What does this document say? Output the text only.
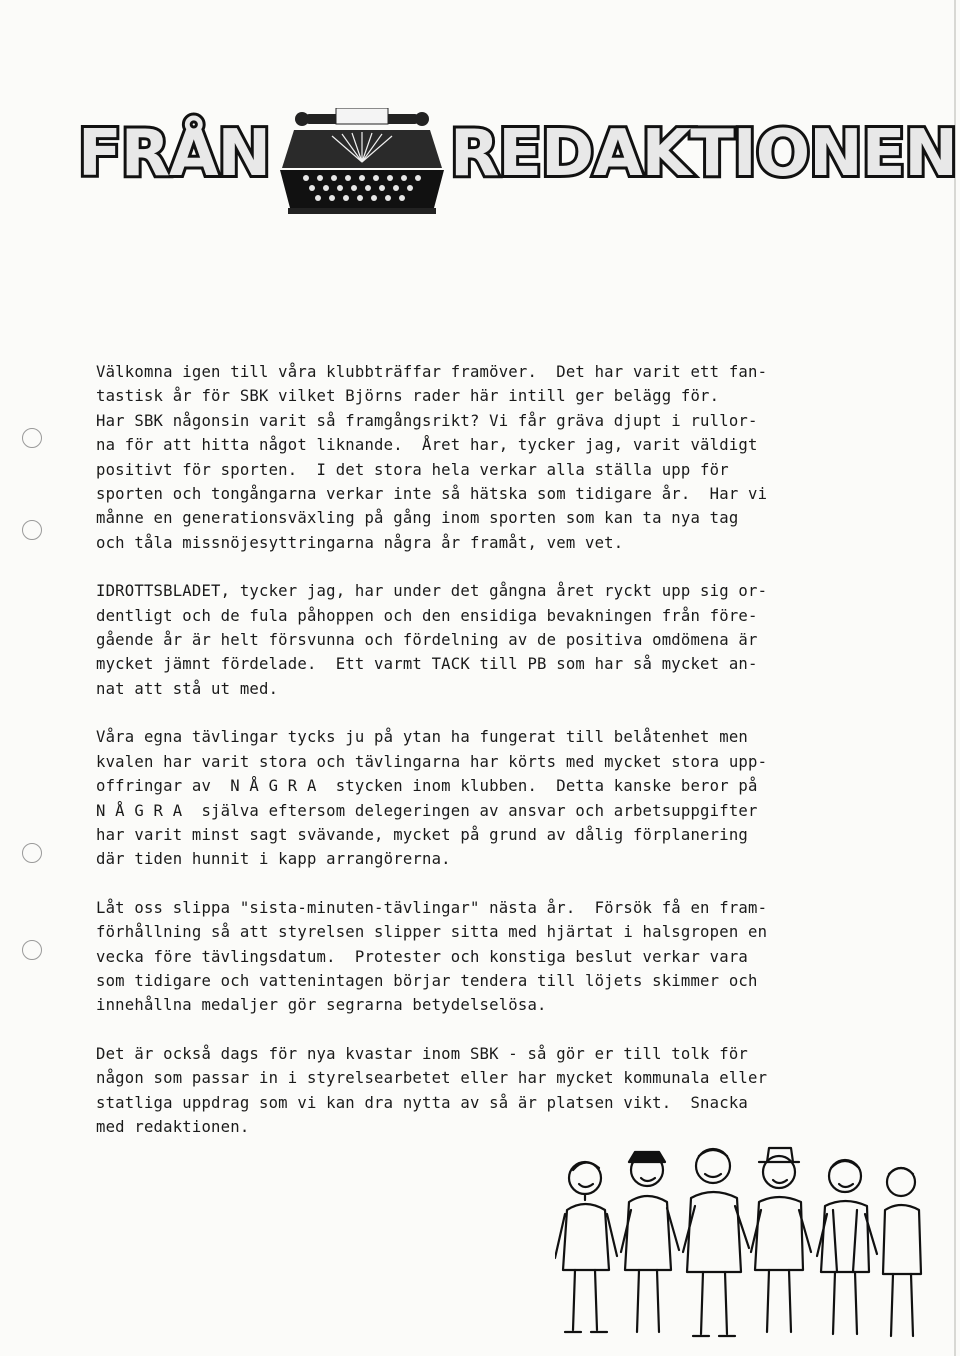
FRÅN	REDAKTIONEN

Välkomna igen till våra klubbträffar framöver.  Det har varit ett fan-
tastisk år för SBK vilket Björns rader här intill ger belägg för.
Har SBK någonsin varit så framgångsrikt? Vi får gräva djupt i rullor-
na för att hitta något liknande.  Året har, tycker jag, varit väldigt
positivt för sporten.  I det stora hela verkar alla ställa upp för
sporten och tongångarna verkar inte så hätska som tidigare år.  Har vi
månne en generationsväxling på gång inom sporten som kan ta nya tag
och tåla missnöjesyttringarna några år framåt, vem vet.

IDROTTSBLADET, tycker jag, har under det gångna året ryckt upp sig or-
dentligt och de fula påhoppen och den ensidiga bevakningen från före-
gående år är helt försvunna och fördelning av de positiva omdömena är
mycket jämnt fördelade.  Ett varmt TACK till PB som har så mycket an-
nat att stå ut med.

Våra egna tävlingar tycks ju på ytan ha fungerat till belåtenhet men
kvalen har varit stora och tävlingarna har körts med mycket stora upp-
offringar av  N Å G R A  stycken inom klubben.  Detta kanske beror på
N Å G R A  själva eftersom delegeringen av ansvar och arbetsuppgifter
har varit minst sagt svävande, mycket på grund av dålig förplanering
där tiden hunnit i kapp arrangörerna.

Låt oss slippa "sista-minuten-tävlingar" nästa år.  Försök få en fram-
förhållning så att styrelsen slipper sitta med hjärtat i halsgropen en
vecka före tävlingsdatum.  Protester och konstiga beslut verkar vara
som tidigare och vattenintagen börjar tendera till löjets skimmer och
innehållna medaljer gör segrarna betydelselösa.

Det är också dags för nya kvastar inom SBK - så gör er till tolk för
någon som passar in i styrelsearbetet eller har mycket kommunala eller
statliga uppdrag som vi kan dra nytta av så är platsen vikt.  Snacka
med redaktionen.
